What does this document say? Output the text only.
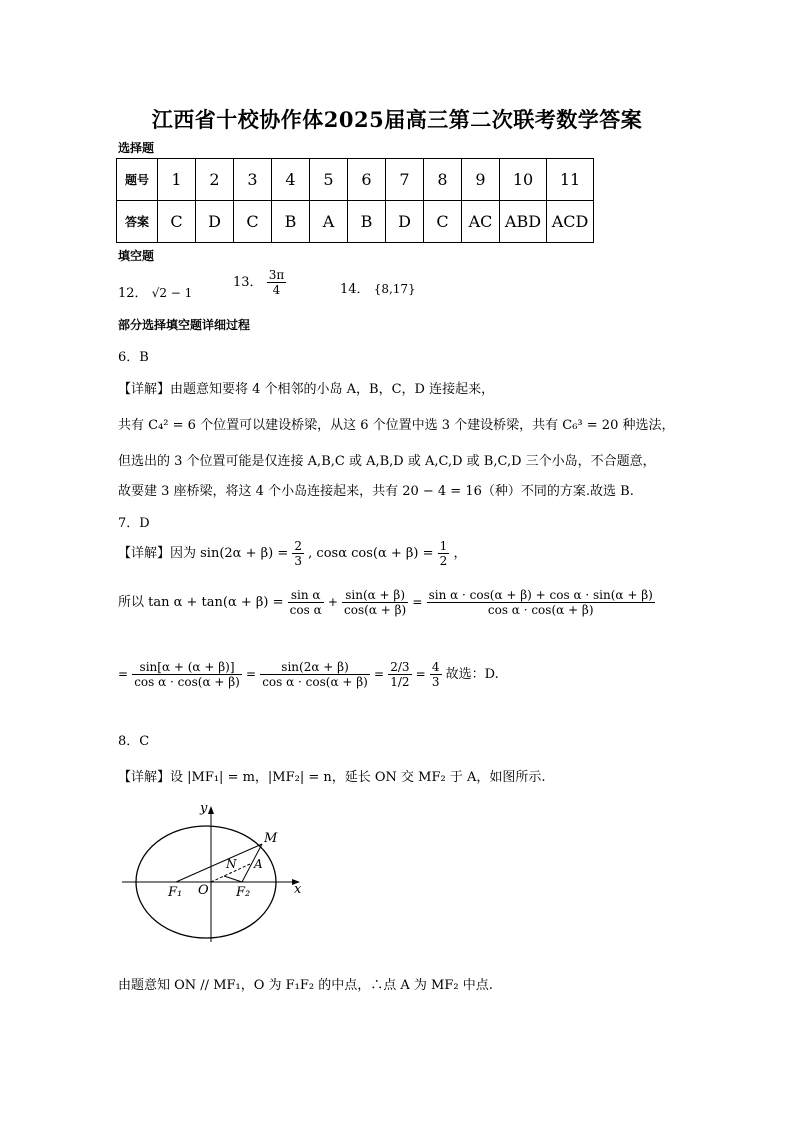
江西省十校协作体2025届高三第二次联考数学答案
选择题
题号	1	2	3	4	5	6	7	8	9	10	11
答案	C	D	C	B	A	B	D	C	AC	ABD	ACD
填空题
12． √2 − 1
13． $\frac{3\pi}{4}$	14． {8,17}
部分选择填空题详细过程
6．B
【详解】由题意知要将 4 个相邻的小岛 A，B，C，D 连接起来，
共有 C₄² = 6 个位置可以建设桥梁，从这 6 个位置中选 3 个建设桥梁，共有 C₆³ = 20 种选法，
但选出的 3 个位置可能是仅连接 A,B,C 或 A,B,D 或 A,C,D 或 B,C,D 三个小岛，不合题意，
故要建 3 座桥梁，将这 4 个小岛连接起来，共有 20 − 4 = 16（种）不同的方案.故选 B.
7．D
【详解】因为 $\sin(2\alpha + \beta) = \frac{2}{3}$ , cosα $\cos(\alpha + \beta) = \frac{1}{2}$ ，
所以 $\tan \alpha + \tan(\alpha + \beta) = \frac{\text{sin α}}{\text{cos α}} + \frac{\sin(\alpha + \beta)}{\cos(\alpha + \beta)} = \frac{\text{sin α · cos(α + β) + cos α · sin(α + β)}}{\text{cos α · cos(α + β)}}$
= $\frac{\sin[\alpha + (\alpha + \beta)]}{\text{cos α · cos(α + β)}} = \frac{\sin(2\alpha + \beta)}{\text{cos α · cos(α + β)}} = \frac{2/3}{1/2} = \frac{4}{3}$ 故选：D.
8．C
【详解】设 |MF₁| = m，|MF₂| = n，延长 ON 交 MF₂ 于 A，如图所示.
y
x
M
N A
O
F₁	F₂
由题意知 ON // MF₁，O 为 F₁F₂ 的中点，∴点 A 为 MF₂ 中点.
